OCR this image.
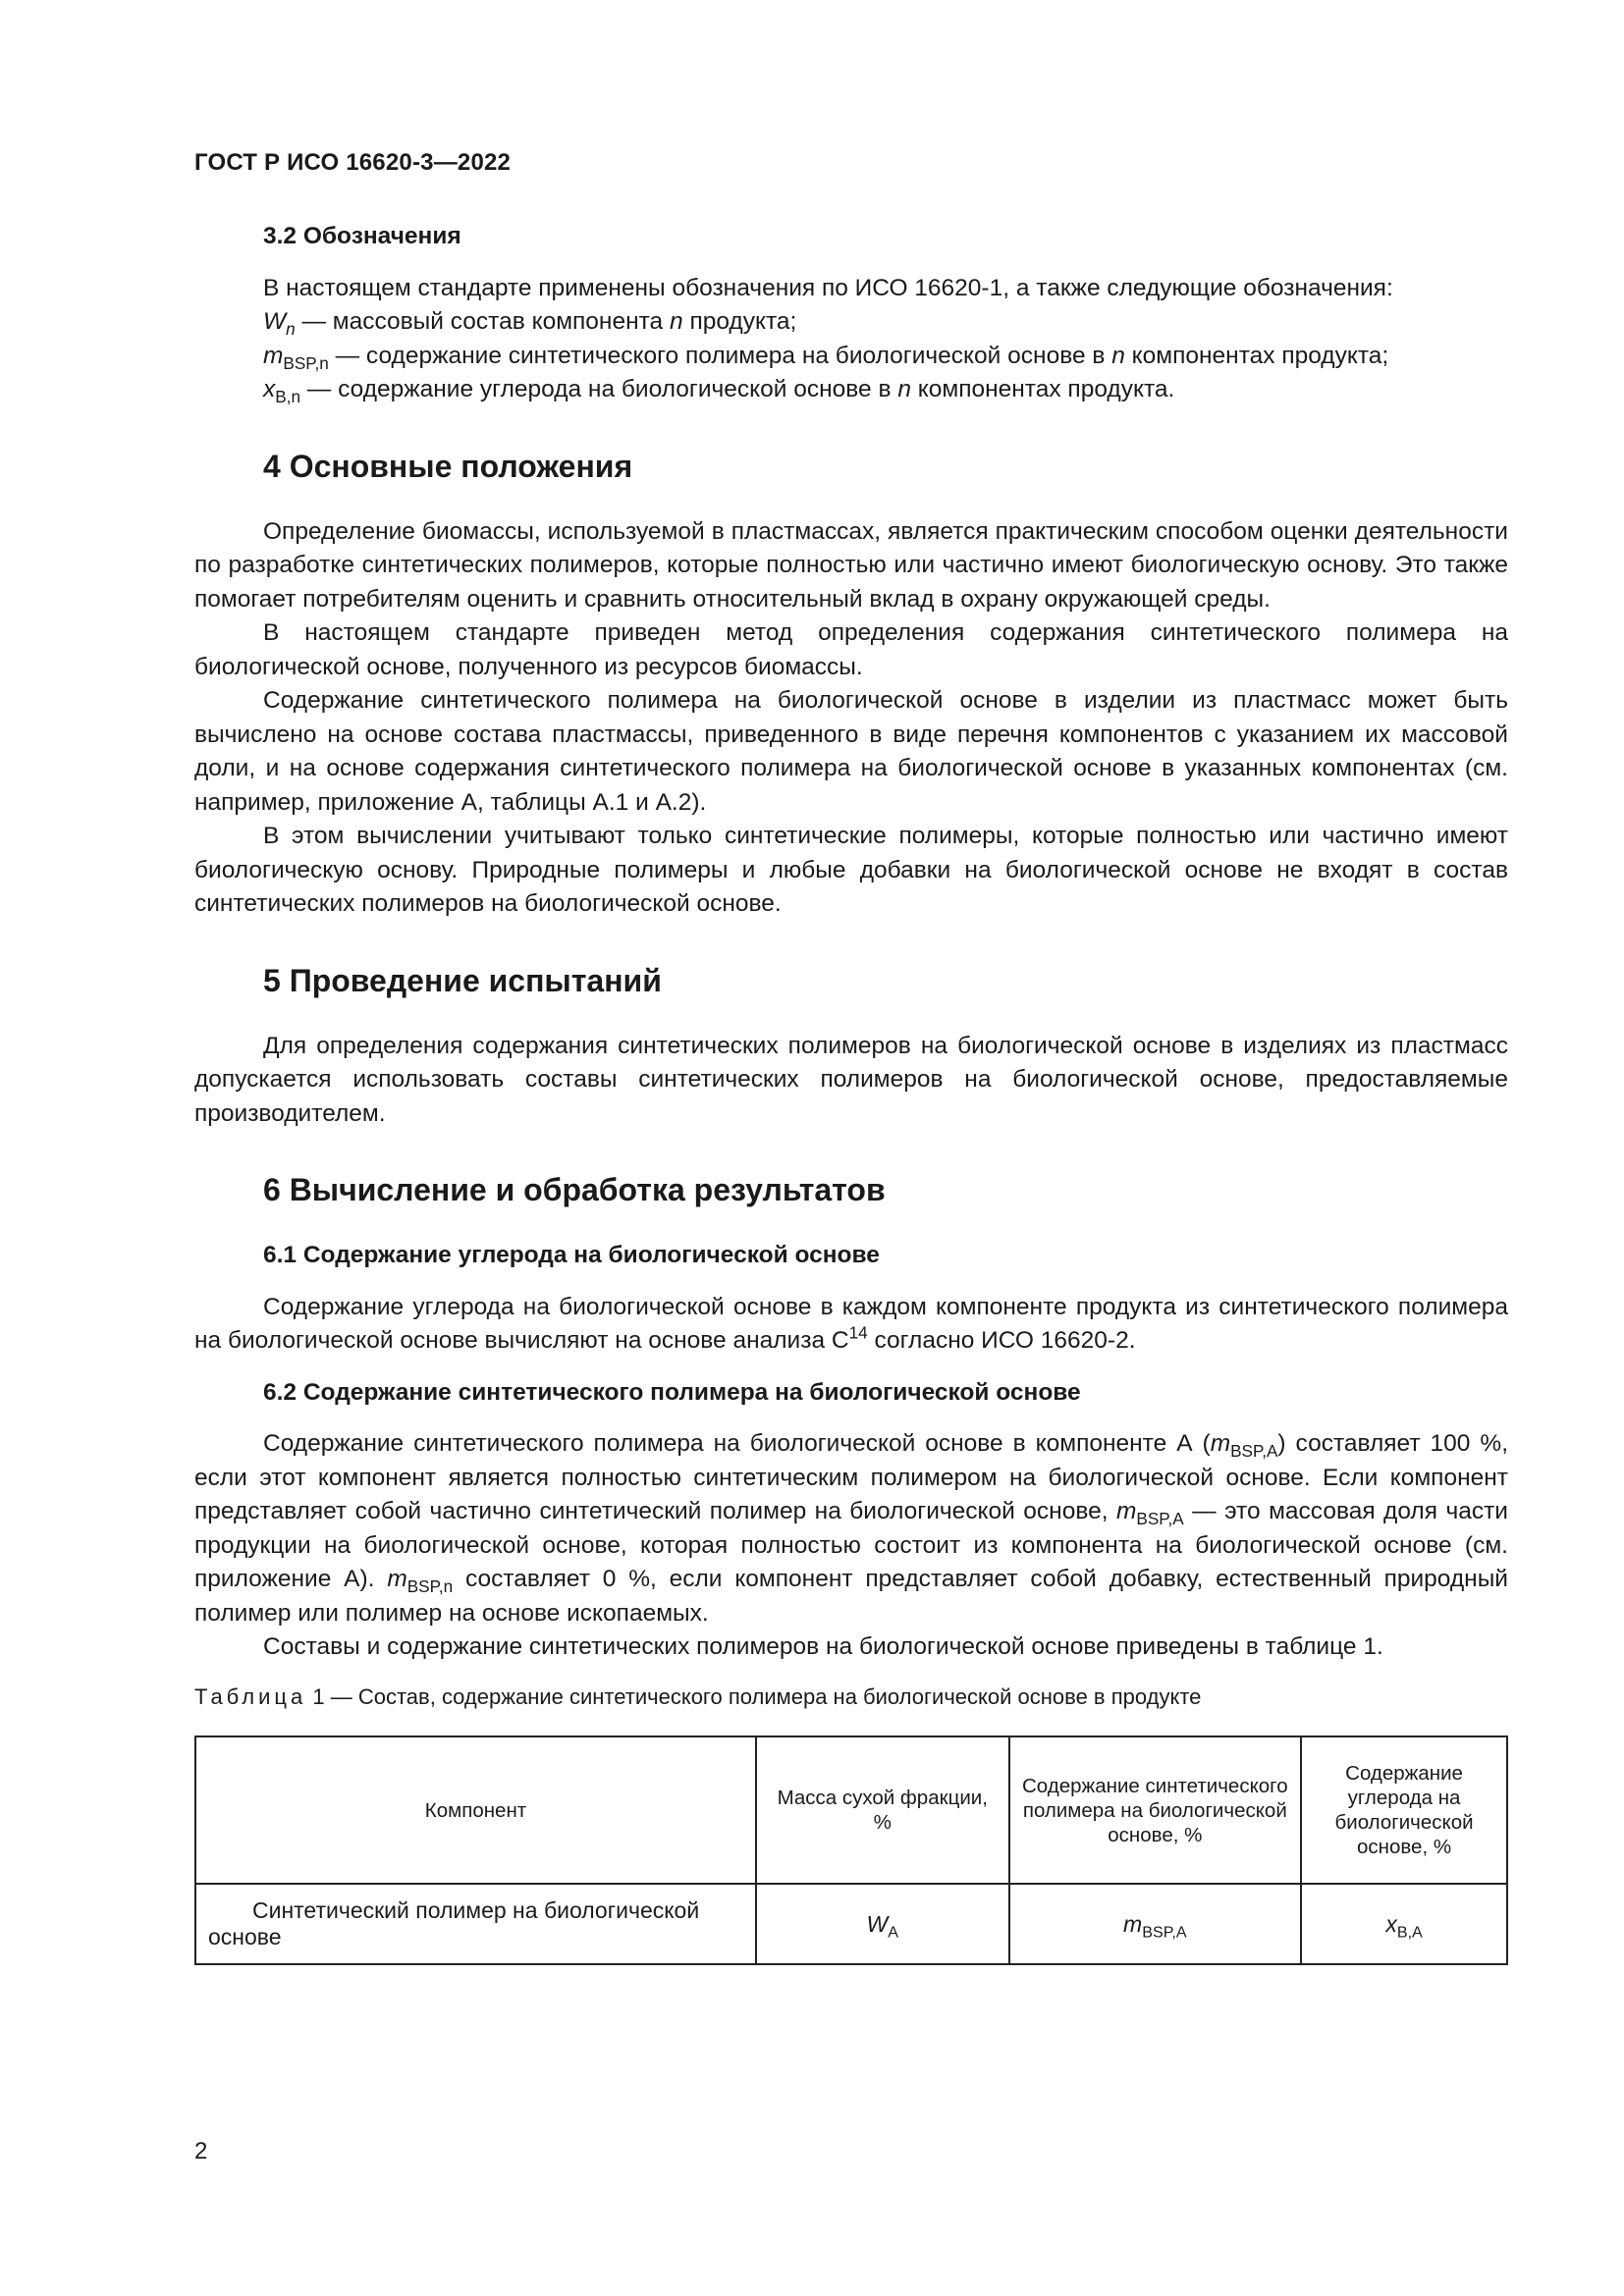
ГОСТ Р ИСО 16620-3—2022

3.2 Обозначения

В настоящем стандарте применены обозначения по ИСО 16620-1, а также следующие обозначения:

$W_n$ — массовый состав компонента n продукта;

$m_{BSP,n}$ — содержание синтетического полимера на биологической основе в n компонентах продукта;

$x_{B,n}$ — содержание углерода на биологической основе в n компонентах продукта.

4 Основные положения

Определение биомассы, используемой в пластмассах, является практическим способом оценки деятельности по разработке синтетических полимеров, которые полностью или частично имеют биологическую основу. Это также помогает потребителям оценить и сравнить относительный вклад в охрану окружающей среды.

В настоящем стандарте приведен метод определения содержания синтетического полимера на биологической основе, полученного из ресурсов биомассы.

Содержание синтетического полимера на биологической основе в изделии из пластмасс может быть вычислено на основе состава пластмассы, приведенного в виде перечня компонентов с указанием их массовой доли, и на основе содержания синтетического полимера на биологической основе в указанных компонентах (см. например, приложение А, таблицы А.1 и А.2).

В этом вычислении учитывают только синтетические полимеры, которые полностью или частично имеют биологическую основу. Природные полимеры и любые добавки на биологической основе не входят в состав синтетических полимеров на биологической основе.

5 Проведение испытаний

Для определения содержания синтетических полимеров на биологической основе в изделиях из пластмасс допускается использовать составы синтетических полимеров на биологической основе, предоставляемые производителем.

6 Вычисление и обработка результатов

6.1 Содержание углерода на биологической основе

Содержание углерода на биологической основе в каждом компоненте продукта из синтетического полимера на биологической основе вычисляют на основе анализа $C^{14}$ согласно ИСО 16620-2.

6.2 Содержание синтетического полимера на биологической основе

Содержание синтетического полимера на биологической основе в компоненте А $(m_{BSP,A})$ составляет 100 %, если этот компонент является полностью синтетическим полимером на биологической основе. Если компонент представляет собой частично синтетический полимер на биологической основе, $m_{BSP,A}$ — это массовая доля части продукции на биологической основе, которая полностью состоит из компонента на биологической основе (см. приложение А). $m_{BSP,n}$ составляет 0 %, если компонент представляет собой добавку, естественный природный полимер или полимер на основе ископаемых.

Составы и содержание синтетических полимеров на биологической основе приведены в таблице 1.

Таблица 1 — Состав, содержание синтетического полимера на биологической основе в продукте

Компонент	Масса сухой фракции, %	Содержание синтетического полимера на биологической основе, %	Содержание углерода на биологической основе, %

Синтетический полимер на биологической
основе	$W_A$	$m_{BSP,A}$	$x_{B,A}$
2
